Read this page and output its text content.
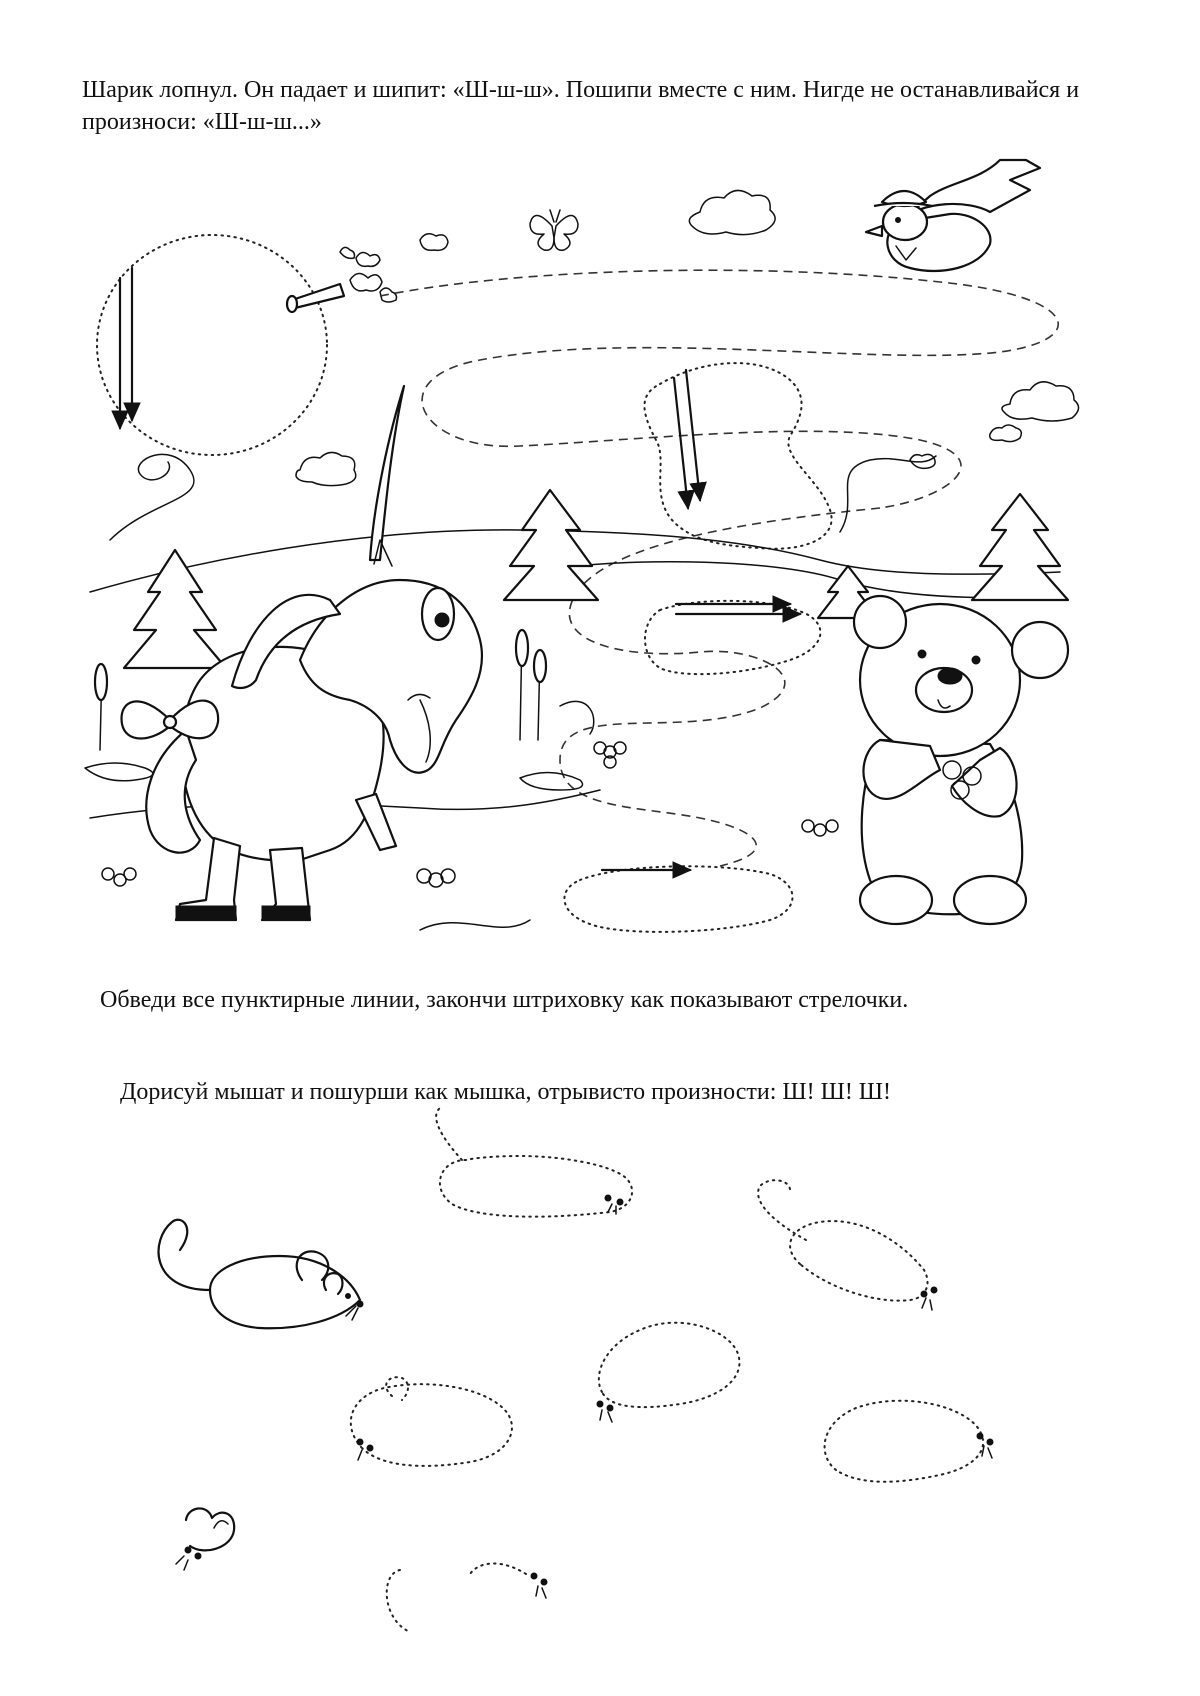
Шарик лопнул. Он падает и шипит: «Ш-ш-ш». Пошипи вместе с ним. Нигде не останавливайся и произноси: «Ш-ш-ш...»

Обведи все пунктирные линии, закончи штриховку как показывают стрелочки.

Дорисуй мышат и пошурши как мышка, отрывисто произности: Ш! Ш! Ш!
